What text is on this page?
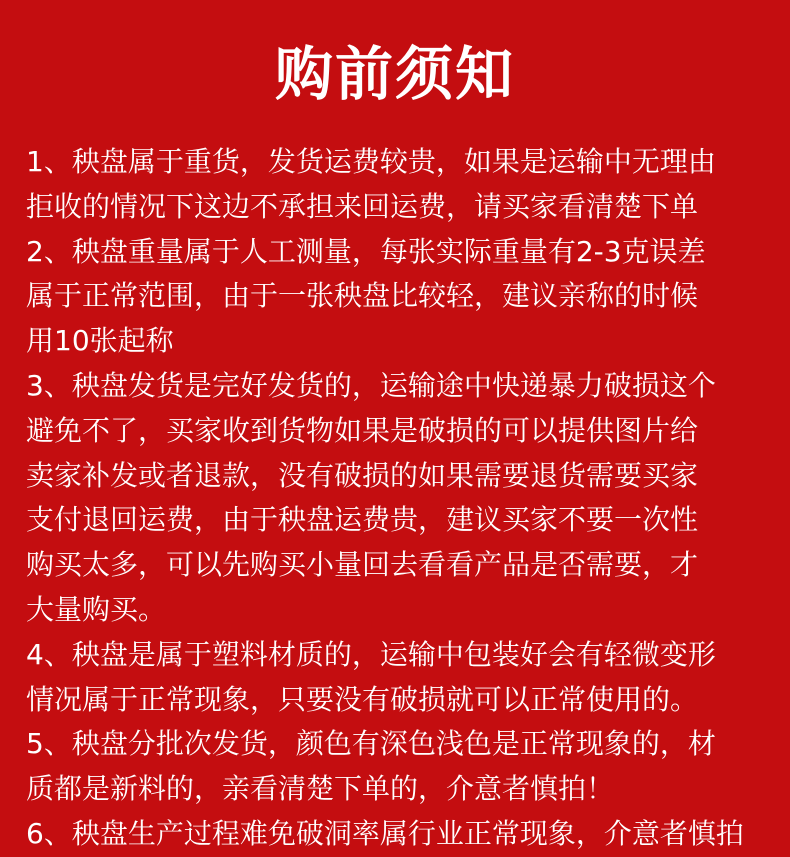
购前须知
1、秧盘属于重货，发货运费较贵，如果是运输中无理由
拒收的情况下这边不承担来回运费，请买家看清楚下单
2、秧盘重量属于人工测量，每张实际重量有2-3克误差
属于正常范围，由于一张秧盘比较轻，建议亲称的时候
用10张起称
3、秧盘发货是完好发货的，运输途中快递暴力破损这个
避免不了，买家收到货物如果是破损的可以提供图片给
卖家补发或者退款，没有破损的如果需要退货需要买家
支付退回运费，由于秧盘运费贵，建议买家不要一次性
购买太多，可以先购买小量回去看看产品是否需要，才
大量购买。
4、秧盘是属于塑料材质的，运输中包装好会有轻微变形
情况属于正常现象，只要没有破损就可以正常使用的。
5、秧盘分批次发货，颜色有深色浅色是正常现象的，材
质都是新料的，亲看清楚下单的，介意者慎拍！
6、秧盘生产过程难免破洞率属行业正常现象，介意者慎拍
